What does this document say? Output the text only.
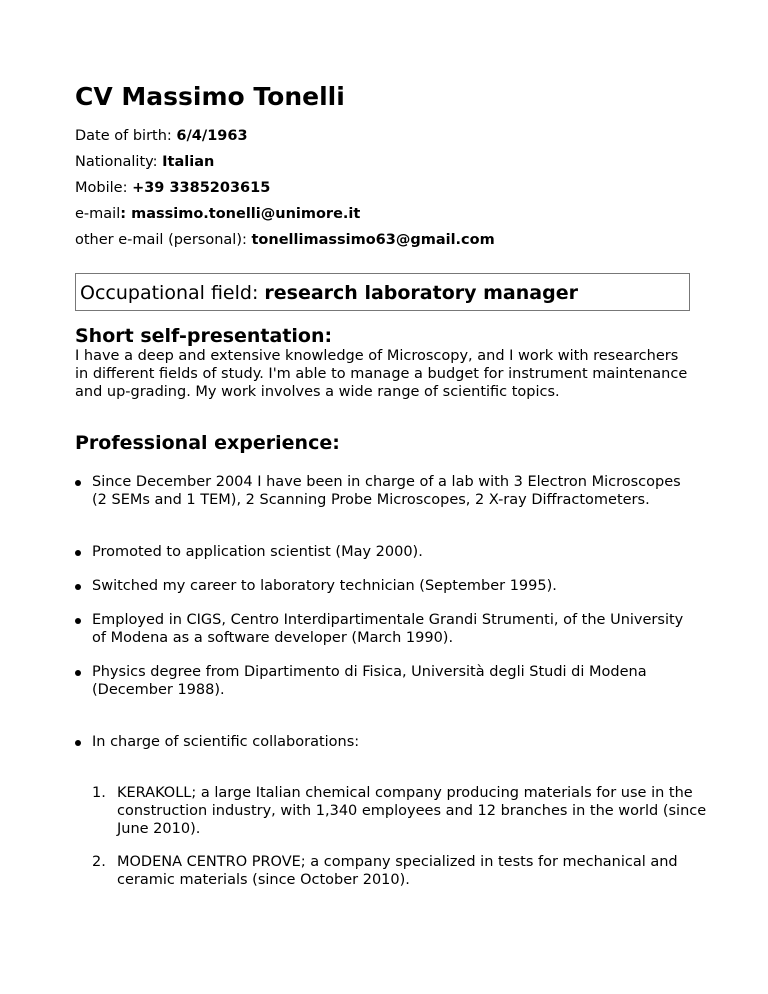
CV Massimo Tonelli

Date of birth: 6/4/1963

Nationality: Italian

Mobile: +39 3385203615

e-mail: massimo.tonelli@unimore.it

other e-mail (personal): tonellimassimo63@gmail.com

Occupational field: research laboratory manager
Short self-presentation:

I have a deep and extensive knowledge of Microscopy, and I work with researchers in different fields of study. I'm able to manage a budget for instrument maintenance and up-grading. My work involves a wide range of scientific topics.

Professional experience:
Since December 2004 I have been in charge of a lab with 3 Electron Microscopes (2 SEMs and 1 TEM), 2 Scanning Probe Microscopes, 2 X-ray Diffractometers.
Promoted to application scientist (May 2000).
Switched my career to laboratory technician (September 1995).
Employed in CIGS, Centro Interdipartimentale Grandi Strumenti, of the University of Modena as a software developer (March 1990).
Physics degree from Dipartimento di Fisica, Università degli Studi di Modena (December 1988).
In charge of scientific collaborations:
1. KERAKOLL; a large Italian chemical company producing materials for use in the construction industry, with 1,340 employees and 12 branches in the world (since June 2010).
2. MODENA CENTRO PROVE; a company specialized in tests for mechanical and ceramic materials (since October 2010).
